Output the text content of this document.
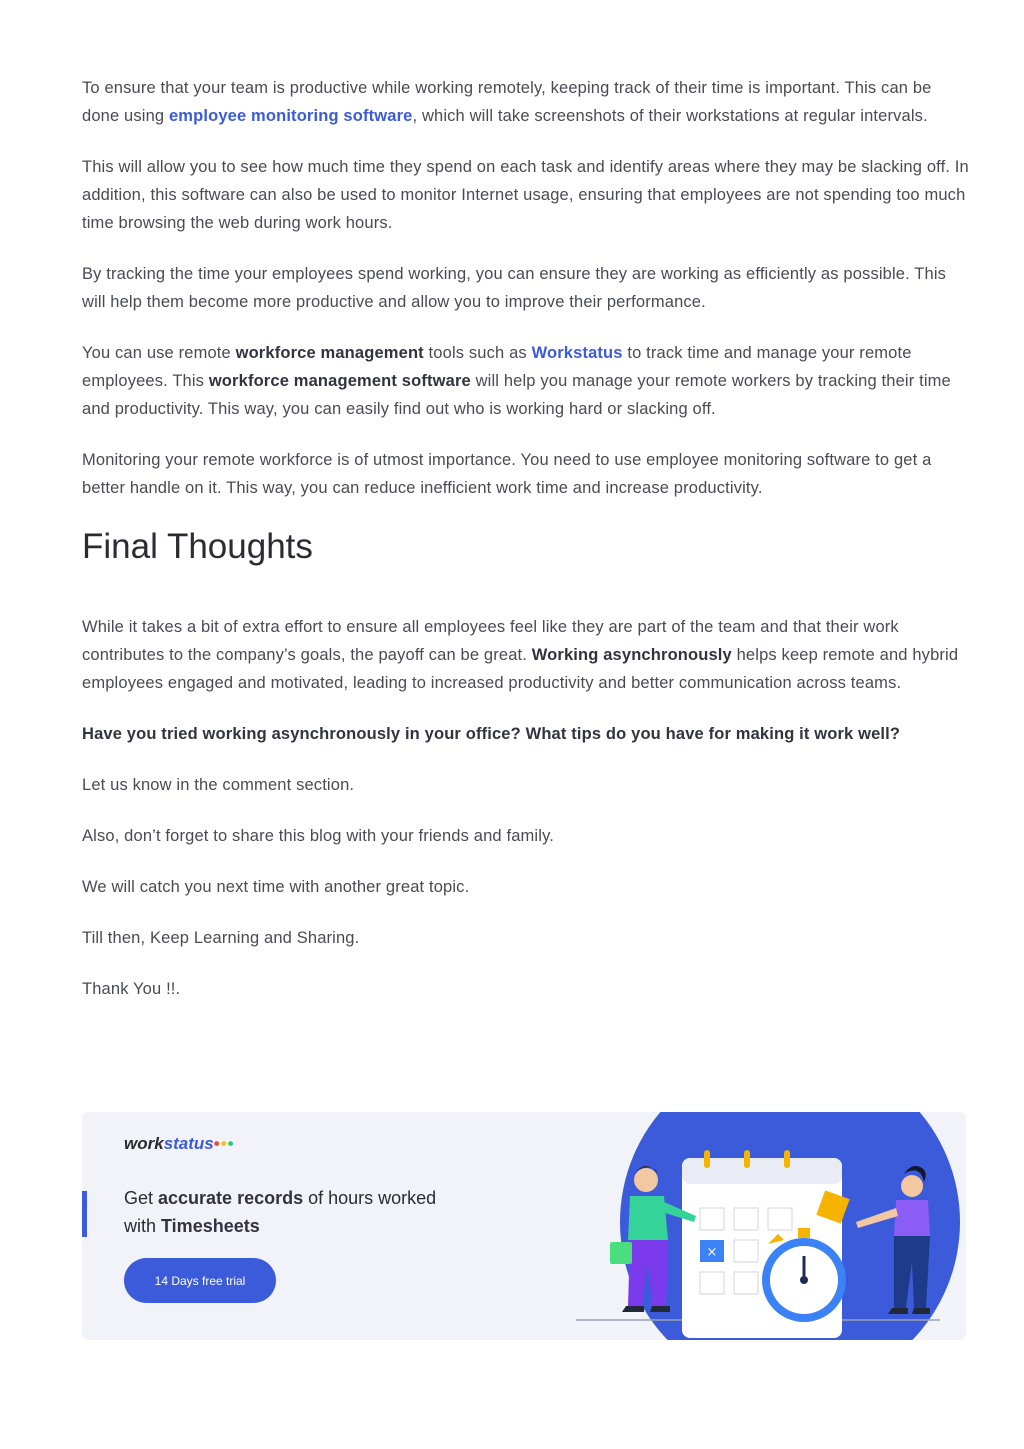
To ensure that your team is productive while working remotely, keeping track of their time is important. This can be done using employee monitoring software, which will take screenshots of their workstations at regular intervals.

This will allow you to see how much time they spend on each task and identify areas where they may be slacking off. In addition, this software can also be used to monitor Internet usage, ensuring that employees are not spending too much time browsing the web during work hours.

By tracking the time your employees spend working, you can ensure they are working as efficiently as possible. This will help them become more productive and allow you to improve their performance.

You can use remote workforce management tools such as Workstatus to track time and manage your remote employees. This workforce management software will help you manage your remote workers by tracking their time and productivity. This way, you can easily find out who is working hard or slacking off.

Monitoring your remote workforce is of utmost importance. You need to use employee monitoring software to get a better handle on it. This way, you can reduce inefficient work time and increase productivity.

Final Thoughts

While it takes a bit of extra effort to ensure all employees feel like they are part of the team and that their work contributes to the company’s goals, the payoff can be great. Working asynchronously helps keep remote and hybrid employees engaged and motivated, leading to increased productivity and better communication across teams.

Have you tried working asynchronously in your office? What tips do you have for making it work well?

Let us know in the comment section.

Also, don’t forget to share this blog with your friends and family.

We will catch you next time with another great topic.

Till then, Keep Learning and Sharing.

Thank You !!.

workstatus•••
Get accurate records of hours worked
with Timesheets
14 Days free trial
×
